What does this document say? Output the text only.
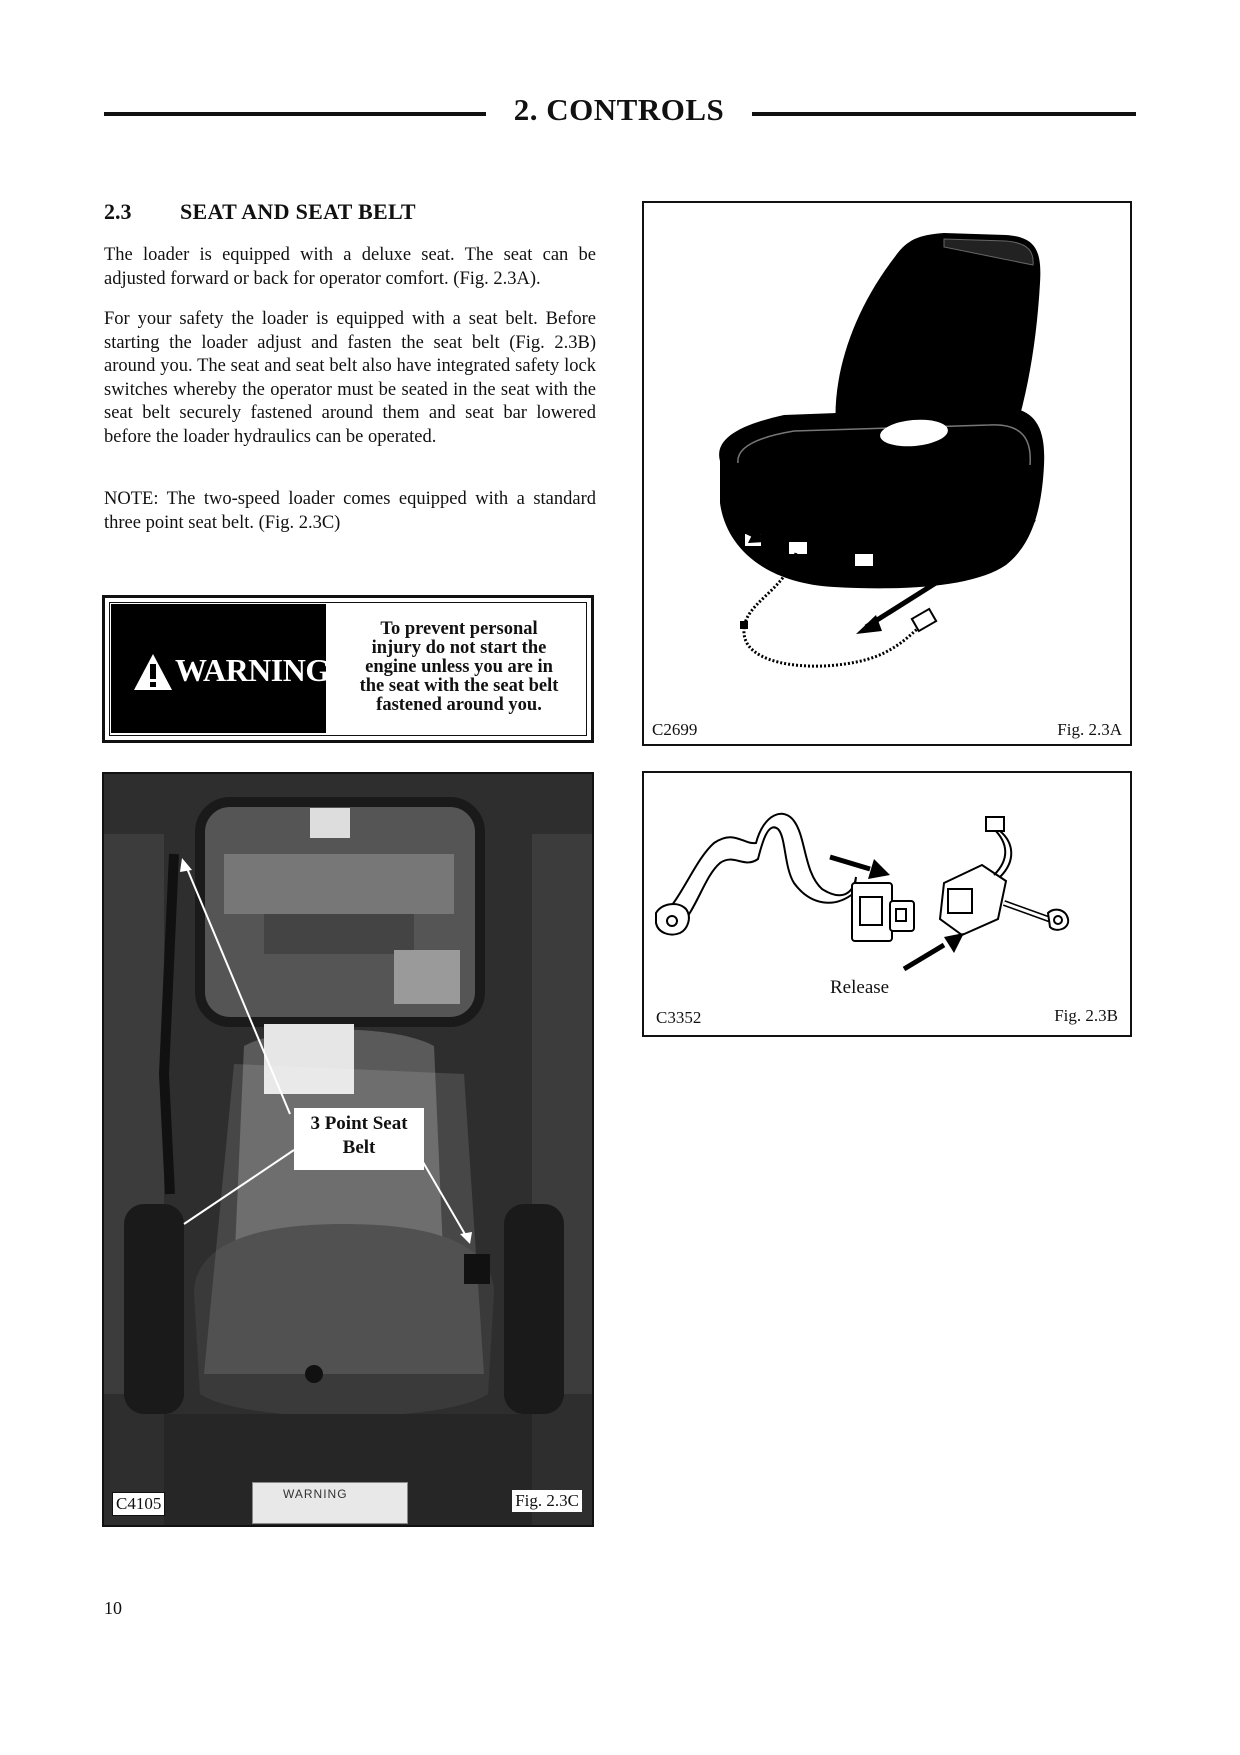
2. CONTROLS
2.3 SEAT AND SEAT BELT
The loader is equipped with a deluxe seat. The seat can be adjusted forward or back for operator comfort. (Fig. 2.3A).
For your safety the loader is equipped with a seat belt. Before starting the loader adjust and fasten the seat belt (Fig. 2.3B) around you. The seat and seat belt also have integrated safety lock switches whereby the operator must be seated in the seat with the seat belt securely fastened around them and seat bar lowered before the loader hydraulics can be operated.
NOTE: The two-speed loader comes equipped with a standard three point seat belt. (Fig. 2.3C)
WARNING
To prevent personal
injury do not start the
engine unless you are in
the seat with the seat belt
fastened around you.
C2699	Fig. 2.3A
Release
C3352	Fig. 2.3B
3 Point Seat
Belt
WARNING
C4105	Fig. 2.3C
10
